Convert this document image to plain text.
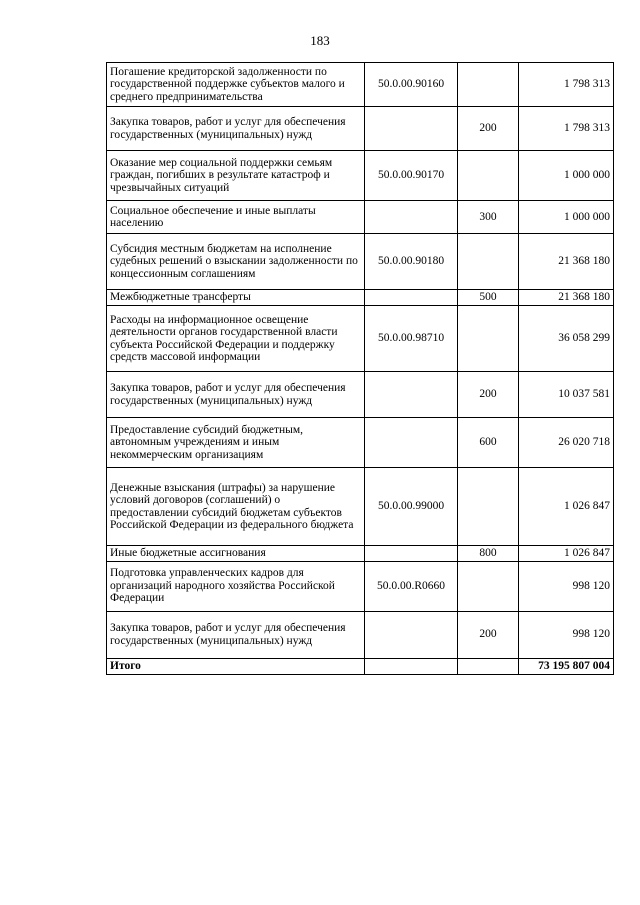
183
Погашение кредиторской задолженности по государственной поддержке субъектов малого и среднего предпринимательства	50.0.00.90160		1 798 313
Закупка товаров, работ и услуг для обеспечения государственных (муниципальных) нужд		200	1 798 313
Оказание мер социальной поддержки семьям граждан, погибших в результате катастроф и чрезвычайных ситуаций	50.0.00.90170		1 000 000
Социальное обеспечение и иные выплаты населению		300	1 000 000
Субсидия местным бюджетам на исполнение судебных решений о взыскании задолженности по концессионным соглашениям	50.0.00.90180		21 368 180
Межбюджетные трансферты		500	21 368 180
Расходы на информационное освещение деятельности органов государственной власти субъекта Российской Федерации и поддержку средств массовой информации	50.0.00.98710		36 058 299
Закупка товаров, работ и услуг для обеспечения государственных (муниципальных) нужд		200	10 037 581
Предоставление субсидий бюджетным, автономным учреждениям и иным некоммерческим организациям		600	26 020 718
Денежные взыскания (штрафы) за нарушение условий договоров (соглашений) о предоставлении субсидий бюджетам субъектов Российской Федерации из федерального бюджета	50.0.00.99000		1 026 847
Иные бюджетные ассигнования		800	1 026 847
Подготовка управленческих кадров для организаций народного хозяйства Российской Федерации	50.0.00.R0660		998 120
Закупка товаров, работ и услуг для обеспечения государственных (муниципальных) нужд		200	998 120
Итого			73 195 807 004
